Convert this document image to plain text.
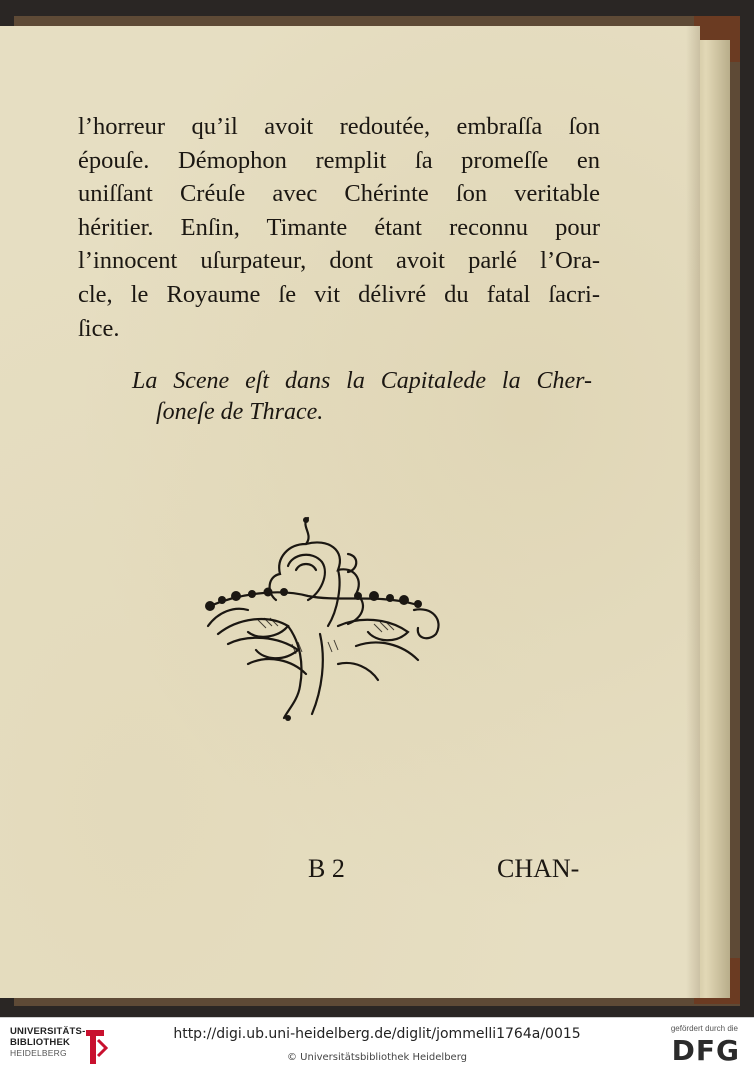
l’horreur qu’il avoit redoutée, embraſſa ſon
épouſe. Démophon remplit ſa promeſſe en
uniſſant Créuſe avec Chérinte ſon veritable
héritier. Enſin, Timante étant reconnu pour
l’innocent uſurpateur, dont avoit parlé l’Ora-
cle, le Royaume ſe vit délivré du fatal ſacri-
ſice.
La Scene eſt dans la Capitalede la Cher-
ſoneſe de Thrace.
B 2	CHAN-
UNIVERSITÄTS-
BIBLIOTHEK
HEIDELBERG
http://digi.ub.uni-heidelberg.de/diglit/jommelli1764a/0015
© Universitätsbibliothek Heidelberg
gefördert durch die
DFG
